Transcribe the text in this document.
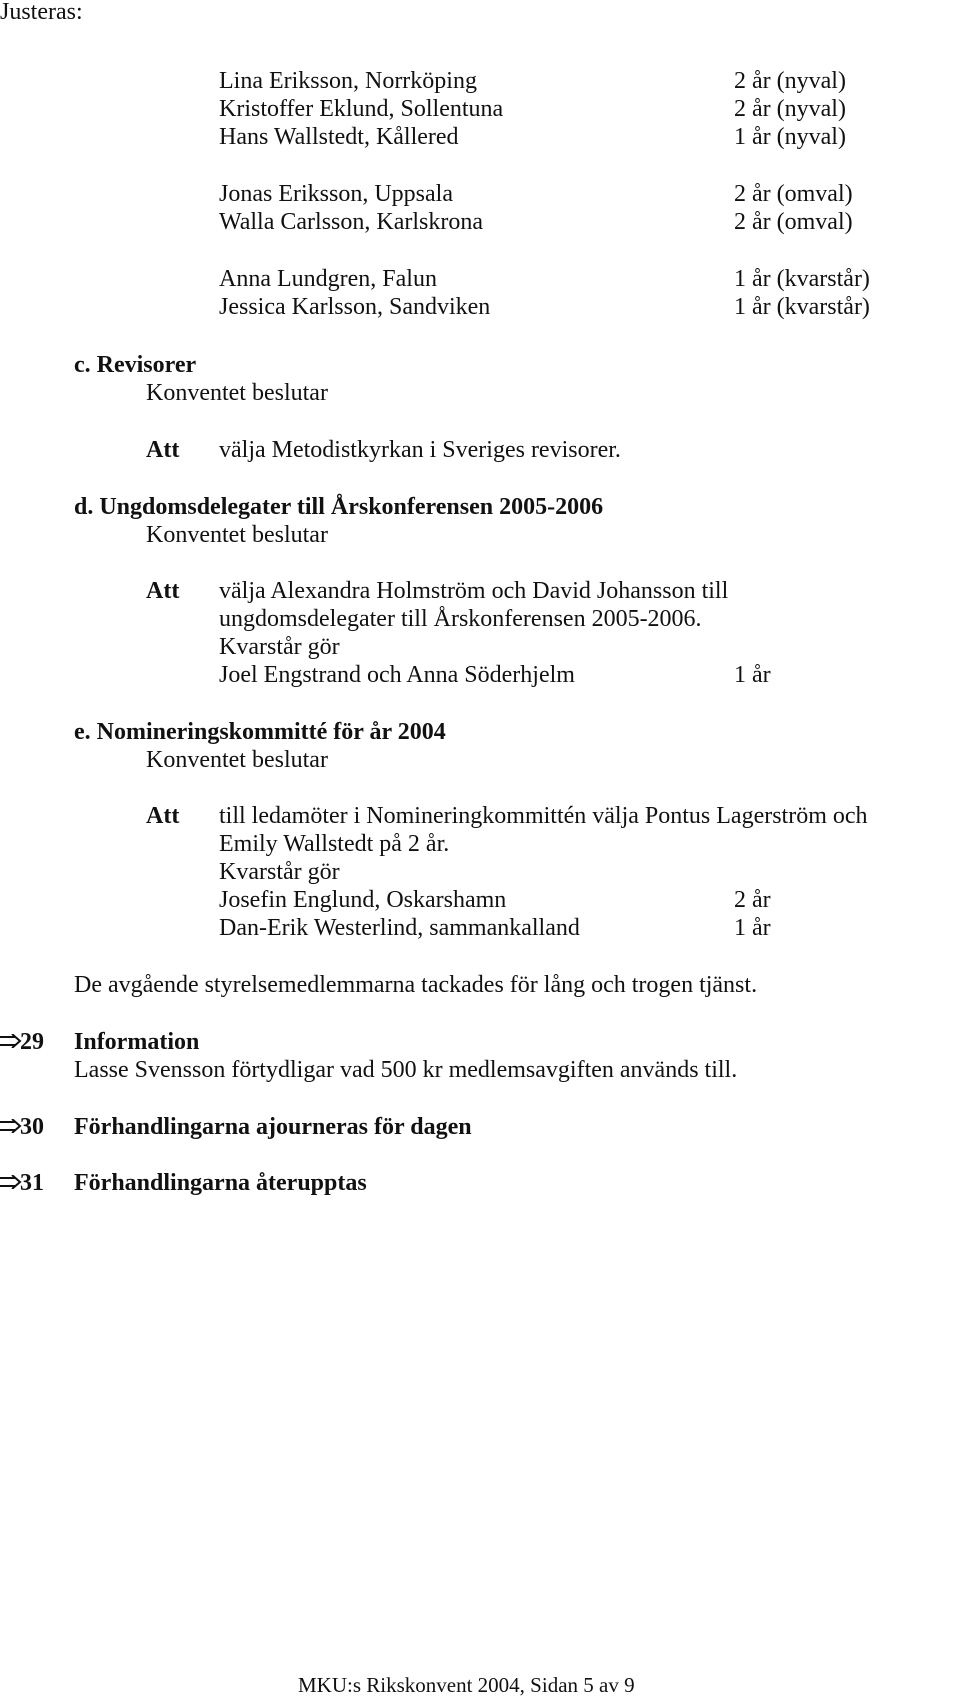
Justeras:
Lina Eriksson, Norrköping	2 år (nyval)
Kristoffer Eklund, Sollentuna	2 år (nyval)
Hans Wallstedt, Kållered	1 år (nyval)
Jonas Eriksson, Uppsala	2 år (omval)
Walla Carlsson, Karlskrona	2 år (omval)
Anna Lundgren, Falun	1 år (kvarstår)
Jessica Karlsson, Sandviken	1 år (kvarstår)
c. Revisorer
Konventet beslutar
Att välja Metodistkyrkan i Sveriges revisorer.
d. Ungdomsdelegater till Årskonferensen 2005-2006
Konventet beslutar
Att välja Alexandra Holmström och David Johansson till
ungdomsdelegater till Årskonferensen 2005-2006.
Kvarstår gör
Joel Engstrand och Anna Söderhjelm	1 år
e. Nomineringskommitté för år 2004
Konventet beslutar
Att till ledamöter i Nomineringkommittén välja Pontus Lagerström och
Emily Wallstedt på 2 år.
Kvarstår gör
Josefin Englund, Oskarshamn	2 år
Dan-Erik Westerlind, sammankalland	1 år
De avgående styrelsemedlemmarna tackades för lång och trogen tjänst.
29 Information
Lasse Svensson förtydligar vad 500 kr medlemsavgiften används till.
30 Förhandlingarna ajourneras för dagen
31 Förhandlingarna återupptas
MKU:s Rikskonvent 2004, Sidan 5 av 9
